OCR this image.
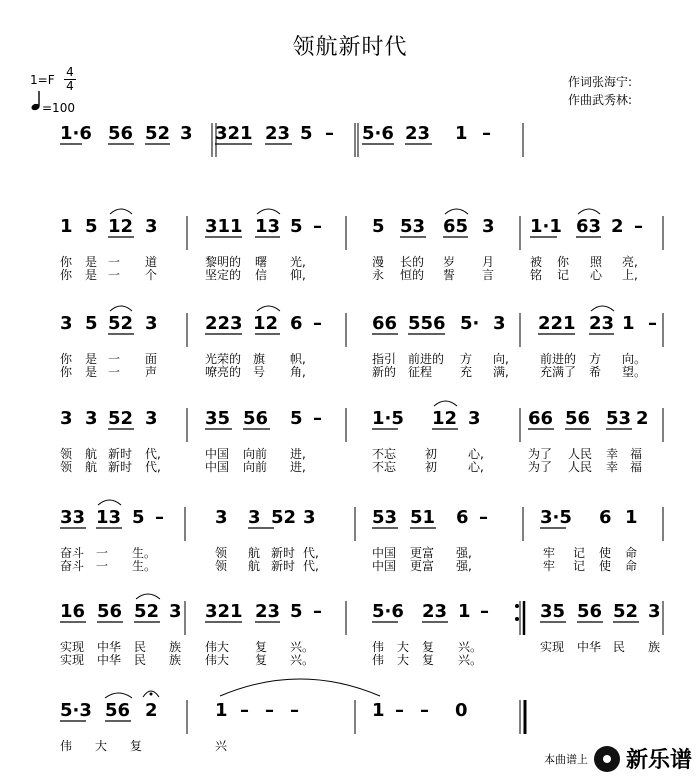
领航新时代
$1=F \frac{4}{4}$
=100
作词张海宁:
作曲武秀林:
1·6 56 52 3 321 23 5 – 5·6 23 1 –
1 5 12 3	311 13 5 –	5 53 65 3 1·1 63 2 –
你 是 一 道	黎明的 曙 光,	漫 长的 岁 月	被 你 照 亮,
你 是 一 个	坚定的 信 仰,	永 恒的 誓 言	铭 记 心 上,
3 5 52 3	223 12 6 –	66 556 5· 3 221 23 1 –
你 是 一 面	光荣的 旗 帜,	指引 前进的 方 向,	前进的 方 向。
你 是 一 声	嘹亮的 号 角,	新的 征程 充 满,	充满了 希 望。
3 3 52 3	35 56 5 –	1·5 12 3	66 56 53 2
领 航 新时 代,	中国 向前 进,	不忘 初	心,	为了 人民 幸 福
领 航 新时 代,	中国 向前 进,	不忘 初	心,	为了 人民 幸 福
33 13 5 –	3 3 52 3	53 51 6 –	3·5 6 1
奋斗 一 生。	领 航 新时 代,	中国 更富 强,	牢 记 使 命
奋斗 一 生。	领 航 新时 代,	中国 更富 强,	牢 记 使 命
16 56 52 3 321 23 5 –	5·6 23 1 –	35 56 52 3
实现 中华 民 族 伟大 复 兴。	伟 大 复 兴。	实现 中华 民 族
实现 中华 民 族 伟大 复 兴。	伟 大 复 兴。
5·3 56 2	1 – – –	1 – – 0
伟 大 复	兴
本曲谱上 新乐谱
